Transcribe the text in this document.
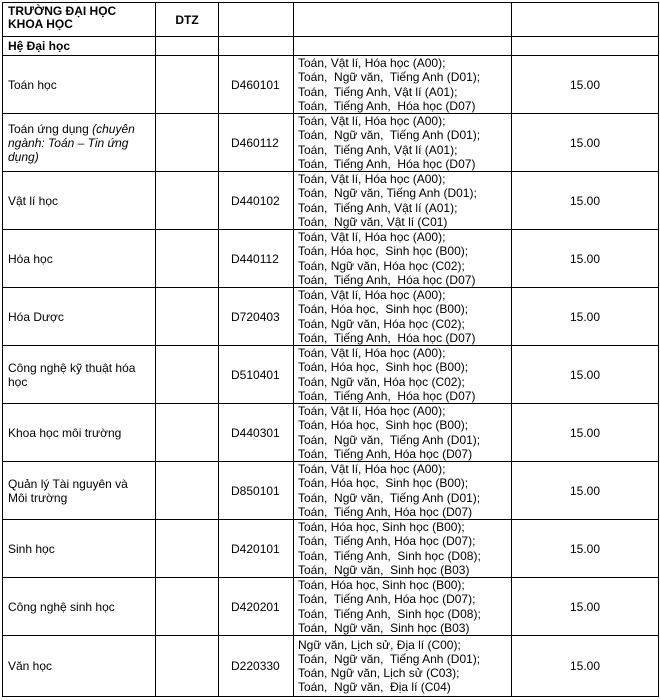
TRƯỜNG ĐẠI HỌC
KHOA HỌC	DTZ			
Hệ Đại học				
Toán học		D460101	Toán, Vật lí, Hóa học (A00);
Toán,  Ngữ văn,  Tiếng Anh (D01);
Toán,  Tiếng Anh, Vật lí (A01);
Toán,  Tiếng Anh,  Hóa học (D07)	15.00
Toán ứng dụng (chuyên ngành: Toán – Tin ứng dụng)		D460112	Toán, Vật lí, Hóa học (A00);
Toán,  Ngữ văn,  Tiếng Anh (D01);
Toán,  Tiếng Anh, Vật lí (A01);
Toán,  Tiếng Anh,  Hóa học (D07)	15.00
Vật lí học		D440102	Toán, Vật lí, Hóa học (A00);
Toán,  Ngữ văn, Tiếng Anh (D01);
Toán,  Tiếng Anh, Vật lí (A01);
Toán,  Ngữ văn, Vật lí (C01)	15.00
Hóa học		D440112	Toán, Vật lí, Hóa học (A00);
Toán, Hóa học,  Sinh học (B00);
Toán, Ngữ văn, Hóa học (C02);
Toán,  Tiếng Anh,  Hóa học (D07)	15.00
Hóa Dược		D720403	Toán, Vật lí, Hóa học (A00);
Toán, Hóa học,  Sinh học (B00);
Toán, Ngữ văn, Hóa học (C02);
Toán,  Tiếng Anh,  Hóa học (D07)	15.00
Công nghệ kỹ thuật hóa học		D510401	Toán, Vật lí, Hóa học (A00);
Toán, Hóa học,  Sinh học (B00);
Toán, Ngữ văn, Hóa học (C02);
Toán,  Tiếng Anh,  Hóa học (D07)	15.00
Khoa học môi trường		D440301	Toán, Vật lí, Hóa học (A00);
Toán, Hóa học,  Sinh học (B00);
Toán,  Ngữ văn,  Tiếng Anh (D01);
Toán,  Tiếng Anh, Hóa học (D07)	15.00
Quản lý Tài nguyên và Môi trường		D850101	Toán, Vật lí, Hóa học (A00);
Toán, Hóa học,  Sinh học (B00);
Toán,  Ngữ văn,  Tiếng Anh (D01);
Toán,  Tiếng Anh, Hóa học (D07)	15.00
Sinh học		D420101	Toán, Hóa học, Sinh học (B00);
Toán,  Tiếng Anh, Hóa học (D07);
Toán,  Tiếng Anh,  Sinh học (D08);
Toán,  Ngữ văn,  Sinh học (B03)	15.00
Công nghệ sinh học		D420201	Toán, Hóa học, Sinh học (B00);
Toán,  Tiếng Anh, Hóa học (D07);
Toán,  Tiếng Anh,  Sinh học (D08);
Toán,  Ngữ văn,  Sinh học (B03)	15.00
Văn học		D220330	Ngữ văn, Lịch sử, Địa lí (C00);
Toán,  Ngữ văn,  Tiếng Anh (D01);
Toán, Ngữ văn, Lịch sử (C03);
Toán,  Ngữ văn,  Địa lí (C04)	15.00
